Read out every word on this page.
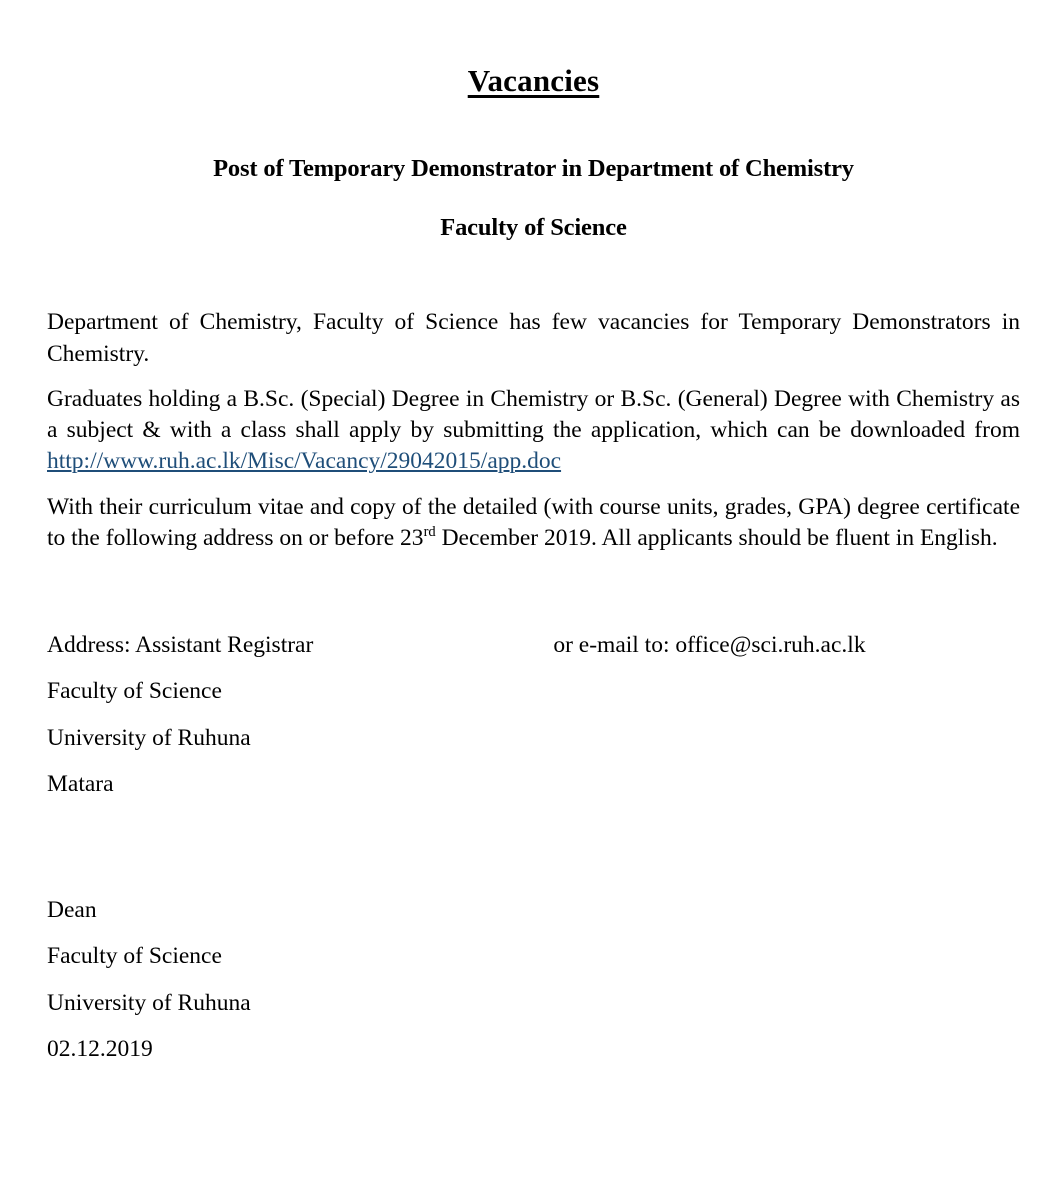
Vacancies

Post of Temporary Demonstrator in Department of Chemistry

Faculty of Science

Department of Chemistry, Faculty of Science has few vacancies for Temporary Demonstrators in Chemistry.

Graduates holding a B.Sc. (Special) Degree in Chemistry or B.Sc. (General) Degree with Chemistry as a subject & with a class shall apply by submitting the application, which can be downloaded from http://www.ruh.ac.lk/Misc/Vacancy/29042015/app.doc

With their curriculum vitae and copy of the detailed (with course units, grades, GPA) degree certificate to the following address on or before 23rd December 2019. All applicants should be fluent in English.

Address: Assistant Registrar	or e-mail to: office@sci.ruh.ac.lk
Faculty of Science
University of Ruhuna
Matara
Dean
Faculty of Science
University of Ruhuna
02.12.2019
